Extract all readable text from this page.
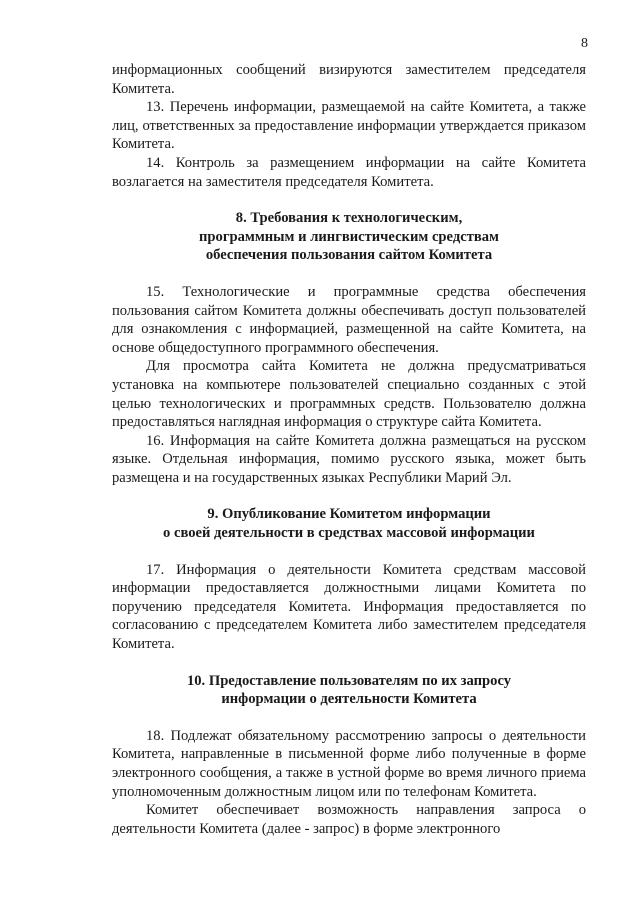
8

информационных сообщений визируются заместителем председателя Комитета.

13. Перечень информации, размещаемой на сайте Комитета, а также лиц, ответственных за предоставление информации утверждается приказом Комитета.

14. Контроль за размещением информации на сайте Комитета возлагается на заместителя председателя Комитета.

8. Требования к технологическим,
программным и лингвистическим средствам
обеспечения пользования сайтом Комитета

15. Технологические и программные средства обеспечения пользования сайтом Комитета должны обеспечивать доступ пользователей для ознакомления с информацией, размещенной на сайте Комитета, на основе общедоступного программного обеспечения.

Для просмотра сайта Комитета не должна предусматриваться установка на компьютере пользователей специально созданных с этой целью технологических и программных средств. Пользователю должна предоставляться наглядная информация о структуре сайта Комитета.

16. Информация на сайте Комитета должна размещаться на русском языке. Отдельная информация, помимо русского языка, может быть размещена и на государственных языках Республики Марий Эл.

9. Опубликование Комитетом информации
о своей деятельности в средствах массовой информации

17. Информация о деятельности Комитета средствам массовой информации предоставляется должностными лицами Комитета по поручению председателя Комитета. Информация предоставляется по согласованию с председателем Комитета либо заместителем председателя Комитета.

10. Предоставление пользователям по их запросу
информации о деятельности Комитета

18. Подлежат обязательному рассмотрению запросы о деятельности Комитета, направленные в письменной форме либо полученные в форме электронного сообщения, а также в устной форме во время личного приема уполномоченным должностным лицом или по телефонам Комитета.

Комитет обеспечивает возможность направления запроса о деятельности Комитета (далее - запрос) в форме электронного
